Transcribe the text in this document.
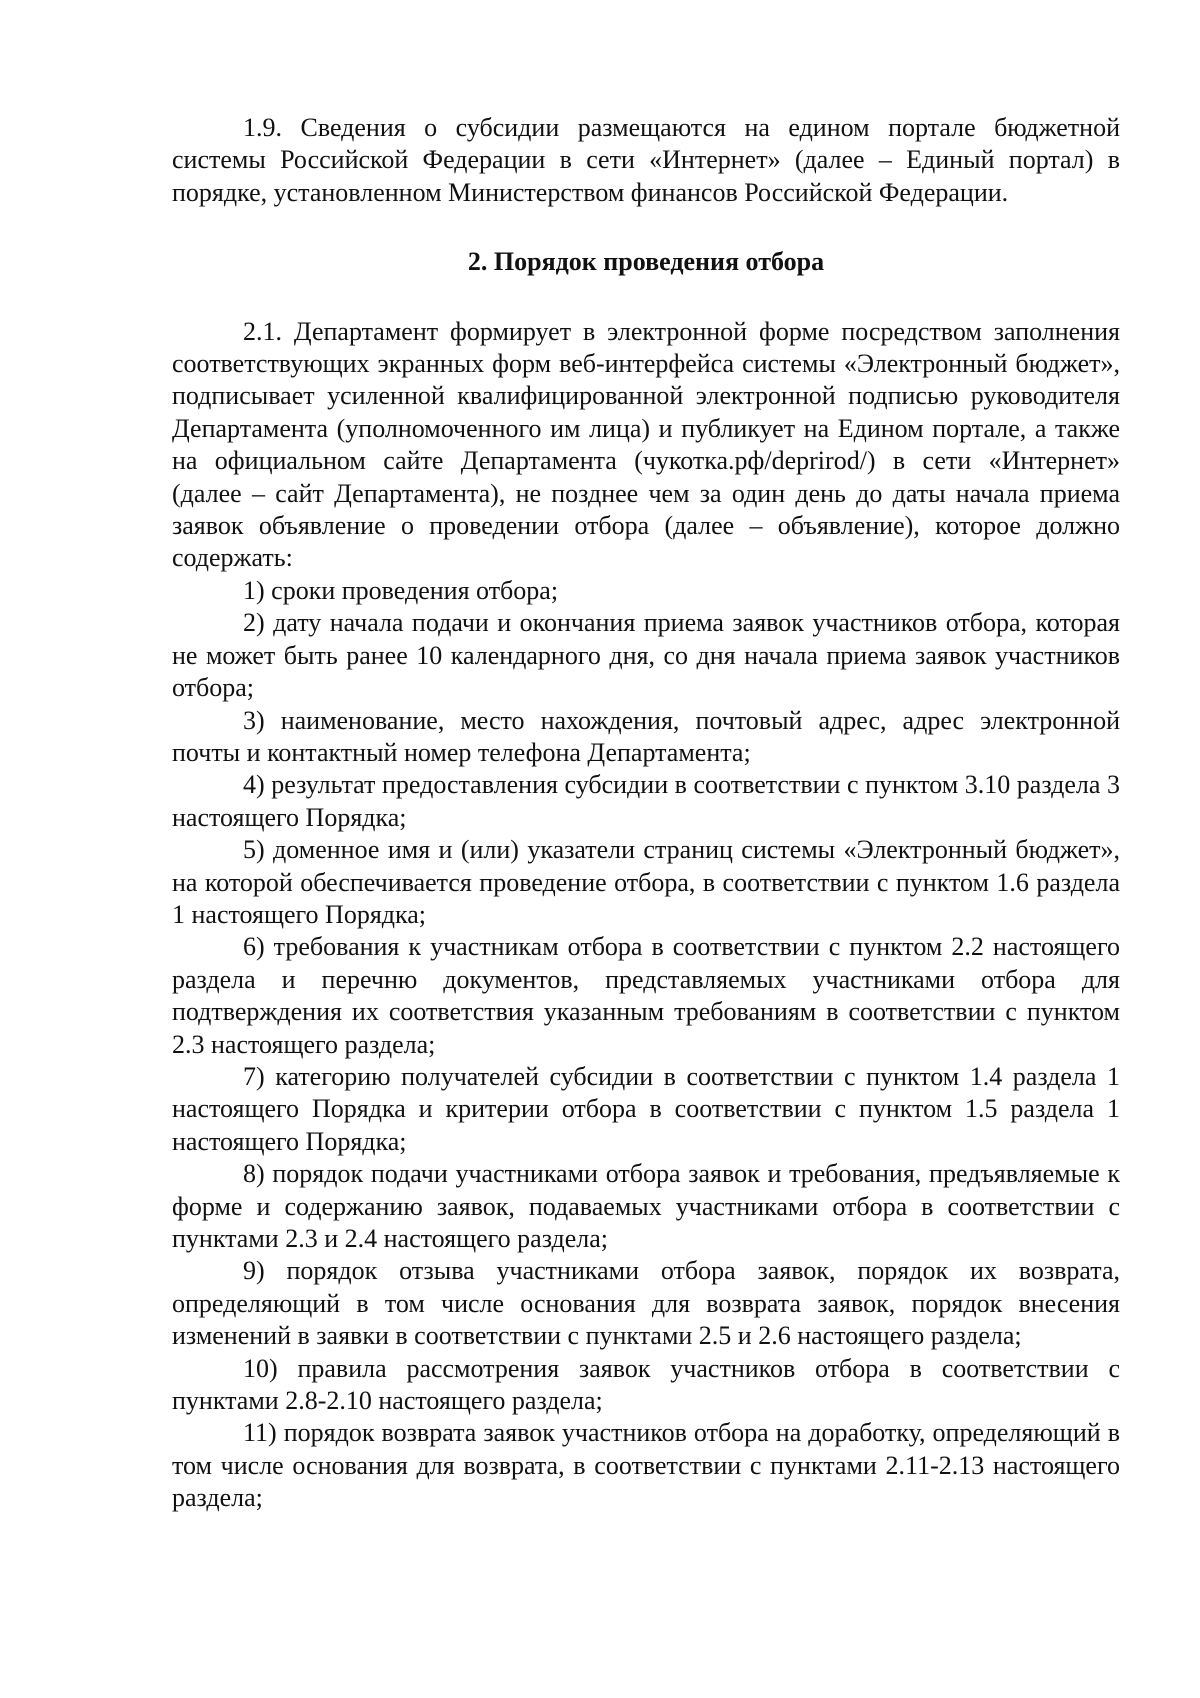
1.9. Сведения о субсидии размещаются на едином портале бюджетной системы Российской Федерации в сети «Интернет» (далее – Единый портал) в порядке, установленном Министерством финансов Российской Федерации.

2. Порядок проведения отбора

2.1. Департамент формирует в электронной форме посредством заполнения соответствующих экранных форм веб-интерфейса системы «Электронный бюджет», подписывает усиленной квалифицированной электронной подписью руководителя Департамента (уполномоченного им лица) и публикует на Едином портале, а также на официальном сайте Департамента (чукотка.рф/deprirod/) в сети «Интернет» (далее – сайт Департамента), не позднее чем за один день до даты начала приема заявок объявление о проведении отбора (далее – объявление), которое должно содержать:

1) сроки проведения отбора;

2) дату начала подачи и окончания приема заявок участников отбора, которая не может быть ранее 10 календарного дня, со дня начала приема заявок участников отбора;

3) наименование, место нахождения, почтовый адрес, адрес электронной почты и контактный номер телефона Департамента;

4) результат предоставления субсидии в соответствии с пунктом 3.10 раздела 3 настоящего Порядка;

5) доменное имя и (или) указатели страниц системы «Электронный бюджет», на которой обеспечивается проведение отбора, в соответствии с пунктом 1.6 раздела 1 настоящего Порядка;

6) требования к участникам отбора в соответствии с пунктом 2.2 настоящего раздела и перечню документов, представляемых участниками отбора для подтверждения их соответствия указанным требованиям в соответствии с пунктом 2.3 настоящего раздела;

7) категорию получателей субсидии в соответствии с пунктом 1.4 раздела 1 настоящего Порядка и критерии отбора в соответствии с пунктом 1.5 раздела 1 настоящего Порядка;

8) порядок подачи участниками отбора заявок и требования, предъявляемые к форме и содержанию заявок, подаваемых участниками отбора в соответствии с пунктами 2.3 и 2.4 настоящего раздела;

9) порядок отзыва участниками отбора заявок, порядок их возврата, определяющий в том числе основания для возврата заявок, порядок внесения изменений в заявки в соответствии с пунктами 2.5 и 2.6 настоящего раздела;

10) правила рассмотрения заявок участников отбора в соответствии с пунктами 2.8-2.10 настоящего раздела;

11) порядок возврата заявок участников отбора на доработку, определяющий в том числе основания для возврата, в соответствии с пунктами 2.11-2.13 настоящего раздела;
